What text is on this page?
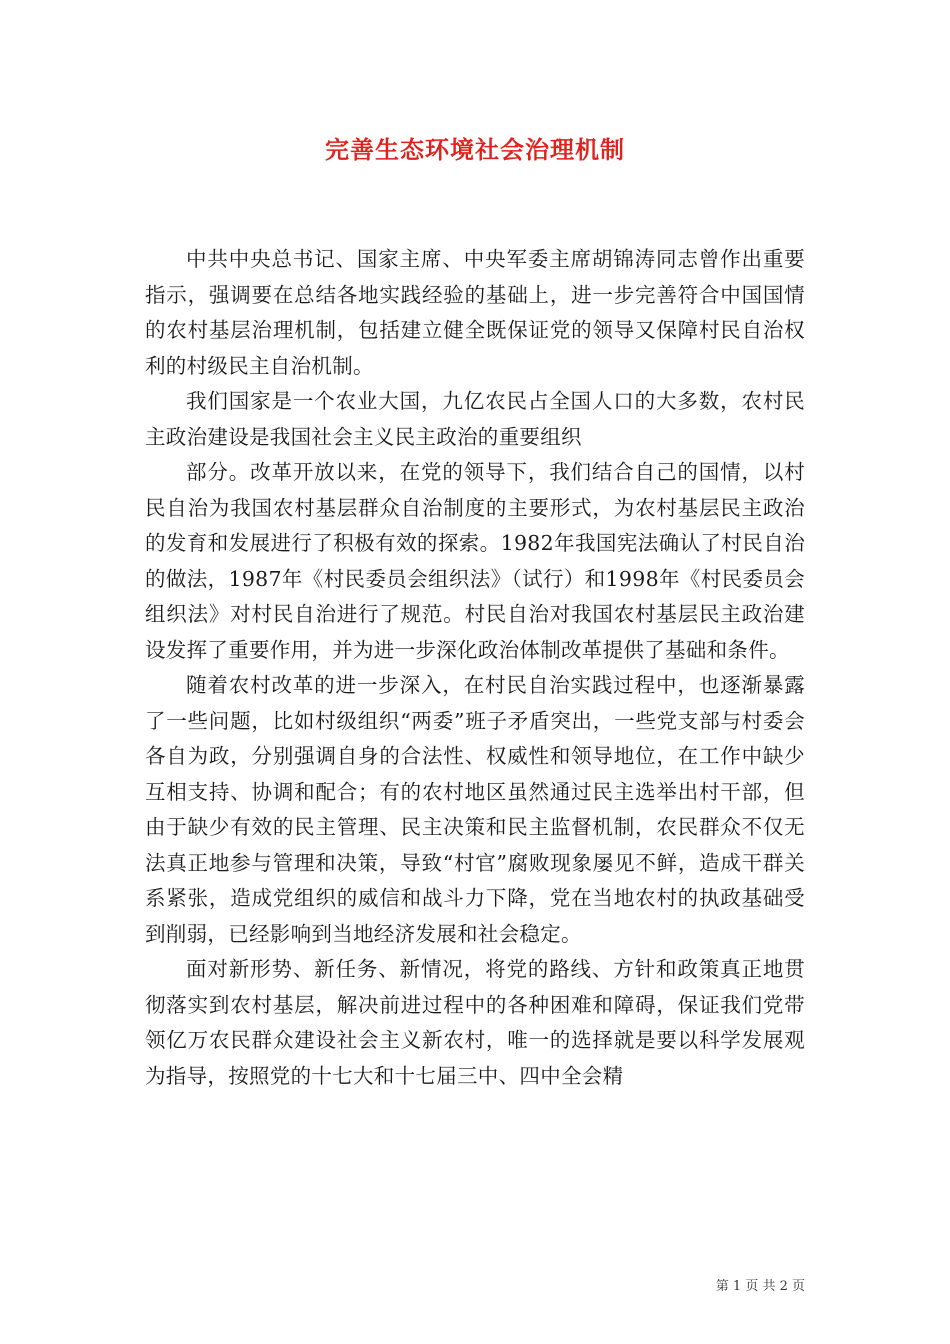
完善生态环境社会治理机制

中共中央总书记、国家主席、中央军委主席胡锦涛同志曾作出重要指示，强调要在总结各地实践经验的基础上，进一步完善符合中国国情的农村基层治理机制，包括建立健全既保证党的领导又保障村民自治权利的村级民主自治机制。

我们国家是一个农业大国，九亿农民占全国人口的大多数，农村民主政治建设是我国社会主义民主政治的重要组织

部分。改革开放以来，在党的领导下，我们结合自己的国情，以村民自治为我国农村基层群众自治制度的主要形式，为农村基层民主政治的发育和发展进行了积极有效的探索。1982年我国宪法确认了村民自治的做法，1987年《村民委员会组织法》（试行）和1998年《村民委员会组织法》对村民自治进行了规范。村民自治对我国农村基层民主政治建设发挥了重要作用，并为进一步深化政治体制改革提供了基础和条件。

随着农村改革的进一步深入，在村民自治实践过程中，也逐渐暴露了一些问题，比如村级组织“两委”班子矛盾突出，一些党支部与村委会各自为政，分别强调自身的合法性、权威性和领导地位，在工作中缺少互相支持、协调和配合；有的农村地区虽然通过民主选举出村干部，但由于缺少有效的民主管理、民主决策和民主监督机制，农民群众不仅无法真正地参与管理和决策，导致“村官”腐败现象屡见不鲜，造成干群关系紧张，造成党组织的威信和战斗力下降，党在当地农村的执政基础受到削弱，已经影响到当地经济发展和社会稳定。

面对新形势、新任务、新情况，将党的路线、方针和政策真正地贯彻落实到农村基层，解决前进过程中的各种困难和障碍，保证我们党带领亿万农民群众建设社会主义新农村，唯一的选择就是要以科学发展观为指导，按照党的十七大和十七届三中、四中全会精

第 1 页 共 2 页
